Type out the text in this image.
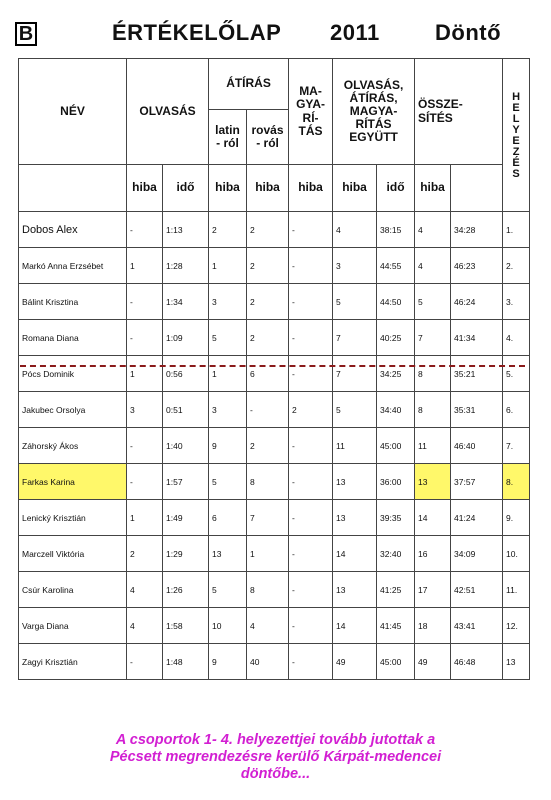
B	ÉRTÉKELŐLAP 2011	Döntő
NÉV	OLVASÁS		ÁTÍRÁS		MA-
GYA-
RÍ-
TÁS	OLVASÁS,
ÁTÍRÁS,
MAGYA-
RÍTÁS
EGYÜTT		ÖSSZE-
SÍTÉS		HELYEZÉS
			latin
- ról	rovás
- ról						
	hiba	idő	hiba	hiba	hiba	hiba	idő	hiba		
Dobos Alex	-	1:13	2	2	-	4	38:15	4	34:28	1.
Markó Anna Erzsébet	1	1:28	1	2	-	3	44:55	4	46:23	2.
Bálint Krisztina	-	1:34	3	2	-	5	44:50	5	46:24	3.
Romana Diana	-	1:09	5	2	-	7	40:25	7	41:34	4.
Pócs Dominik	1	0:56	1	6	-	7	34:25	8	35:21	5.
Jakubec Orsolya	3	0:51	3	-	2	5	34:40	8	35:31	6.
Záhorský Ákos	-	1:40	9	2	-	11	45:00	11	46:40	7.
Farkas Karina	-	1:57	5	8	-	13	36:00	13	37:57	8.
Lenický Krisztián	1	1:49	6	7	-	13	39:35	14	41:24	9.
Marczell Viktória	2	1:29	13	1	-	14	32:40	16	34:09	10.
Csúr Karolina	4	1:26	5	8	-	13	41:25	17	42:51	11.
Varga Diana	4	1:58	10	4	-	14	41:45	18	43:41	12.
Zagyi Krisztián	-	1:48	9	40	-	49	45:00	49	46:48	13
A csoportok 1- 4. helyezettjei tovább jutottak a
Pécsett megrendezésre kerülő Kárpát-medencei
döntőbe...
